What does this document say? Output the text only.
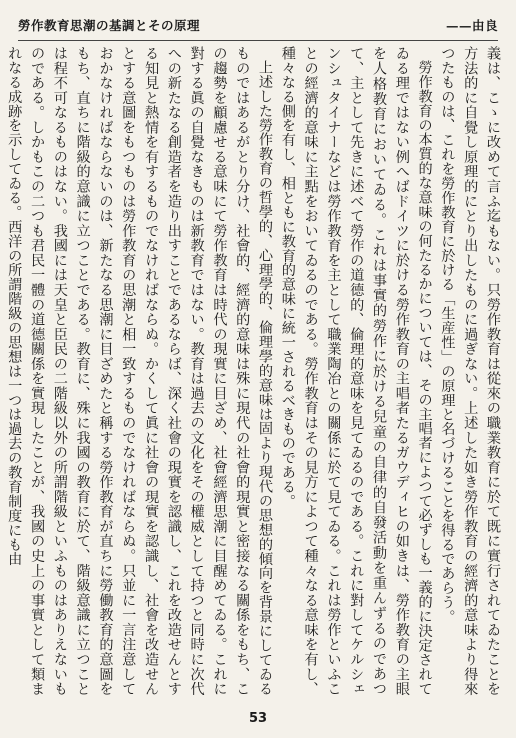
勞作教育思潮の基調とその原理	——由良

義は、こゝに改めて言ふ迄もない。只勞作教育は從來の職業教育に於て既に實行されてゐたことを方法的に自覺し原理的にとり出したものに過ぎない。上述した如き勞作教育の經濟的意味より得來つたものは、これを勞作教育に於ける「生産性」の原理と名づけることを得るであらう。

勞作教育の本質的な意味の何たるかについては、その主唱者によつて必ずしも一義的に決定されてゐる理ではない例へばドイツに於ける勞作教育の主唱者たるガウディヒの如きは、勞作教育の主眼を人格教育においてゐる。これは事實的勞作に於ける兒童の自律的自發活動を重んずるのであつて、主として先きに述べて勞作の道德的、倫理的意味を見てゐるのである。これに對してケルシェンシュタイナーなどは勞作教育を主として職業陶冶との關係に於て見てゐる。これは勞作といふことの經濟的意味に主點をおいてゐるのである。勞作教育はその見方によつて種々なる意味を有し、種々なる側を有し、相ともに教育的意味に統一されるべきものである。

上述した勞作教育の哲學的、心理學的、倫理學的意味は固より現代の思想的傾向を背景にしてゐるものではあるがとり分け、社會的、經濟的意味は殊に現代の社會的現實と密接なる關係をもち、この趨勢を顧慮せる意味にて勞作教育は時代の現實に目ざめ、社會經濟思潮に目醒めてゐる。これに對する眞の自覺なきものは新教育ではない。教育は過去の文化をその權威として持つと同時に次代への新たなる創造者を造り出すことであるならば、深く社會の現實を認識し、これを改造せんとする知見と熱情を有するものでなければならぬ。かくして眞に社會の現實を認識し、社會を改造せんとする意圖をもつものは勞作教育の思潮と相一致するものでなければならぬ。只並に一言注意しておかなければならないのは、新たなる思潮に目ざめたと稱する勞作教育が直ちに勞働教育的意圖をもち、直ちに階級的意識に立つことである。教育に、殊に我國の教育に於て、階級意識に立つことは程不可なるものはない。我國には天皇と臣民の二階級以外の所謂階級といふものはありえないものである。しかもこの二つも君民一體の道德關係を實現したことが、我國の史上の事實として類まれなる成跡を示してゐる。西洋の所謂階級の思想は一つは過去の教育制度にも由

53
